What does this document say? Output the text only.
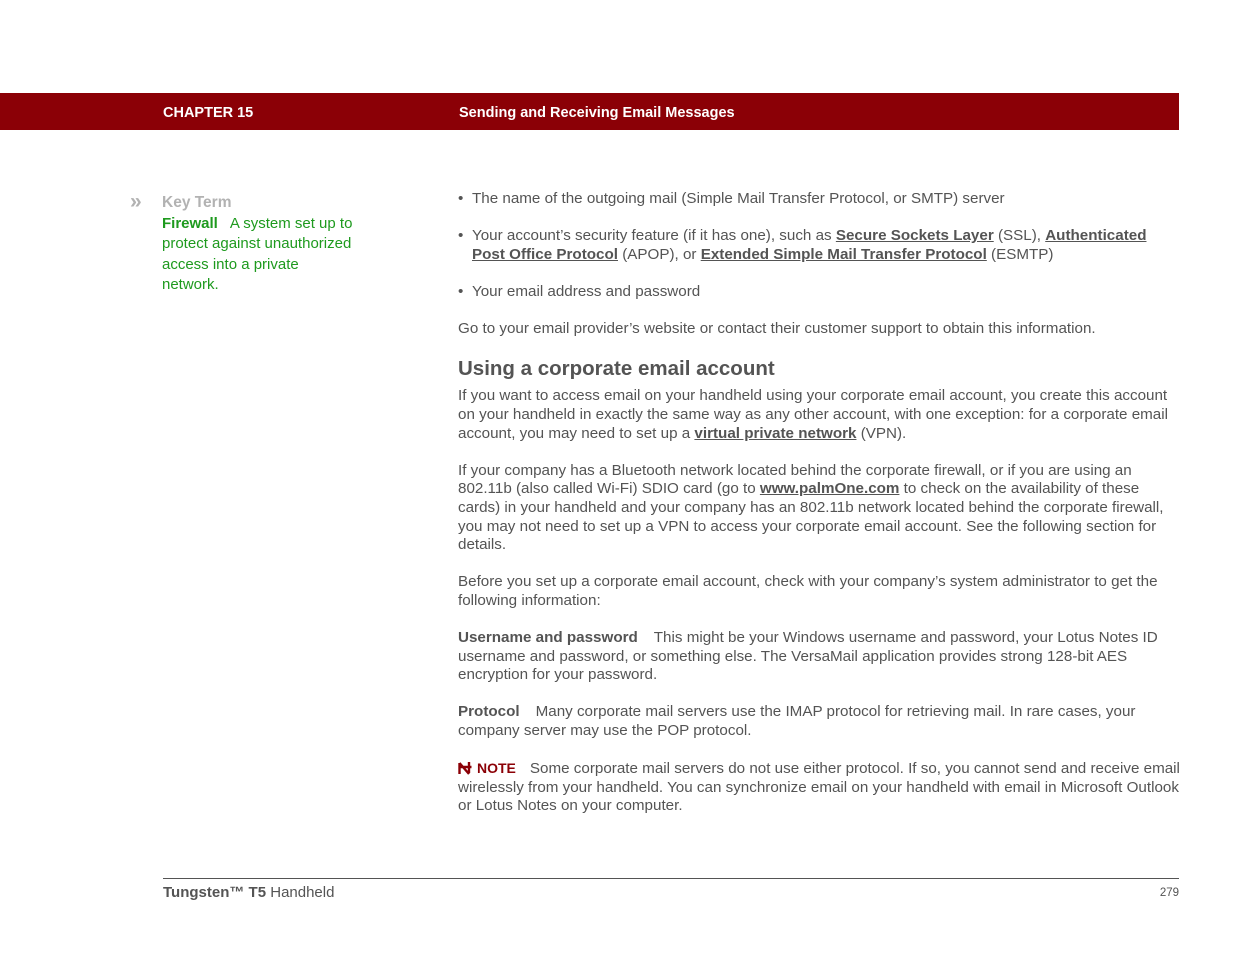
CHAPTER 15	Sending and Receiving Email Messages
» Key Term
Firewall A system set up to protect against unauthorized access into a private network.
• The name of the outgoing mail (Simple Mail Transfer Protocol, or SMTP) server
• Your account’s security feature (if it has one), such as Secure Sockets Layer (SSL), Authenticated Post Office Protocol (APOP), or Extended Simple Mail Transfer Protocol (ESMTP)
• Your email address and password

Go to your email provider’s website or contact their customer support to obtain this information.

Using a corporate email account

If you want to access email on your handheld using your corporate email account, you create this account on your handheld in exactly the same way as any other account, with one exception: for a corporate email account, you may need to set up a virtual private network (VPN).

If your company has a Bluetooth network located behind the corporate firewall, or if you are using an 802.11b (also called Wi-Fi) SDIO card (go to www.palmOne.com to check on the availability of these cards) in your handheld and your company has an 802.11b network located behind the corporate firewall, you may not need to set up a VPN to access your corporate email account. See the following section for details.

Before you set up a corporate email account, check with your company’s system administrator to get the following information:

Username and password This might be your Windows username and password, your Lotus Notes ID username and password, or something else. The VersaMail application provides strong 128-bit AES encryption for your password.

Protocol Many corporate mail servers use the IMAP protocol for retrieving mail. In rare cases, your company server may use the POP protocol.

NOTE Some corporate mail servers do not use either protocol. If so, you cannot send and receive email wirelessly from your handheld. You can synchronize email on your handheld with email in Microsoft Outlook or Lotus Notes on your computer.

Tungsten™ T5 Handheld	279
